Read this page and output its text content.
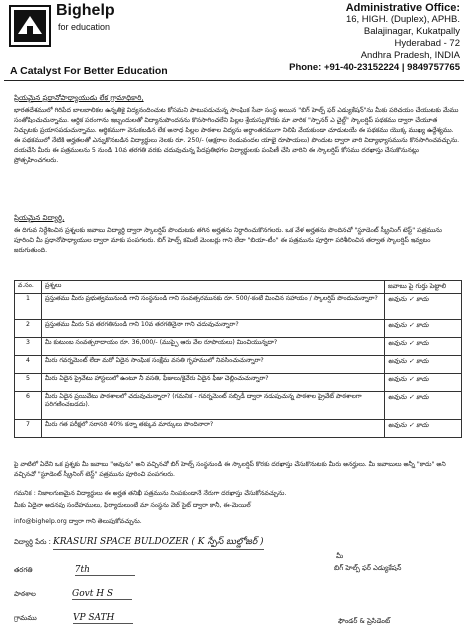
Bighelp
for education
A Catalyst For Better Education
Administrative Office:
16, HIGH. (Duplex), APHB.
Balajinagar, Kukatpally
Hyderabad - 72
Andhra Pradesh, INDIA
Phone: +91-40-23152224 | 9849757765
ప్రియమైన ప్రధానోపాధ్యాయుడు లేక గ్రామాధికారి,
భారతదేశములో గిరిపేద బాలబాలికల ఉన్నతికై విద్యనందించుట కోసమని పాటుపడుచున్న సాంఘిక సేవా సంస్థ అయిన "బిగ్ హెల్ప్ ఫర్ ఎడ్యుకేషన్"ను మీకు పరిచయం చేయుటకు మేము సంతోషించుచున్నాము. ఆర్థిక పరంగాను ఇబ్బందులతో విద్యానుపొందనను కొనసాగించలేని పిల్లల శ్రేయస్సుకొరకు మా వారిక "స్పానర్ ఎ చైల్డ్" స్కాలర్షిప్ పథకము ద్వారా చేయూత నిచ్చుటకు ప్రయాసపడుచున్నాము. ఆర్థికముగా వెనుకబడిన లేక అనాధ పిల్లల పాఠశాల విద్యను అర్ధాంతరముగా నిలిపి వేయకుండా చూడుటయే ఈ పథకము యొక్క ముఖ్య ఉద్దేశ్యము. ఈ పథకములో నేటికి అర్హతలతో ఎన్నుకొనబడిన విద్యార్థులు నెలకు రూ. 250/- (అక్షరాల రెండువందల యాభై రూపాయలు) పొందుట ద్వారా వారి విద్యాభ్యాసమును కొనసాగించవచ్చును. దయచేసి మీరు ఈ పత్రములను 5 నుండి 10వ తరగతి వరకు చదువుచున్న పేదప్రతిభగల విద్యార్థులకు పంపిణీ చేసి వారిని ఈ స్కాలర్షిప్ కోసము దరఖాస్తు చేసుకొనునట్లు ప్రోత్సహించగలరు.
ప్రియమైన విద్యార్థి,
ఈ దిగువ నిర్దేశించిన ప్రశ్నలకు జవాబు విద్యార్థి ద్వారా స్కాలర్షిప్ పొందుటకు తగిన అర్హతను నిర్ధారించుకొనగలరు. ఒక వేళ అర్హతను పొందినచో "స్టూడెంట్ స్క్రీనింగ్ టెస్ట్" పత్రమును పూరించి మీ ప్రధానోపాధ్యాయుల ద్వారా మాకు పంపగలరు. బిగ్ హెల్ప్ కమిటీ మెంబర్లు గాని లేదా "బియా-టీం" ఈ పత్రమును పూర్తిగా పరిశీలించిన తర్వాత స్కాలర్షిప్ ఇవ్వటం జరుగుతుంది.
వ.సం.	ప్రశ్నలు	జవాబు పై గుర్తు పెట్టాలి
1	ప్రస్తుతము మీరు ప్రభుత్వమునుండి గాని సంస్థనుండి గాని సంవత్సరమునకు రూ. 500/-కంటే మించిన సహాయం / స్కాలర్షిప్ పొందుచున్నారా?	అవును ✓ కాదు
2	ప్రస్తుతము మీరు 5వ తరగతినుండి గాని 10వ తరగతినైనా గాని చదువుచున్నారా?	అవును ✓ కాదు
3	మీ కుటుంబ సంవత్సరాదాయం రూ. 36,000/- (ముప్పై ఆరు వేల రూపాయలు) మించియున్నదా?	అవును ✓ కాదు
4	మీరు గవర్నమెంట్ లేదా మరో ఏదైన సాంఘిక సంక్షేమ వసతి గృహములో నివసించుచున్నారా?	అవును ✓ కాదు
5	మీరు ఏదైన ప్రైవేటు హాస్టలులో ఉంటూ నీ వసతి, ఫీజులు/కైవేరు ఏదైన ఫీజు చెల్లించుచున్నారా?	అవును ✓ కాదు
6	మీరు ఏదైన ప్రయివేటు పాఠశాలలో చదువుచున్నారా? (గమనిక - గవర్నమెంట్ సబ్సిడీ ద్వారా నడుపుచున్న పాఠశాల ప్రైవేట్ పాఠశాలగా పరిగణించబడదు).	అవును ✓ కాదు
7	మీరు గత పరీక్షలో సరాసరి 40% కన్నా తక్కువ మార్కులు పొందినారా?	అవును ✓ కాదు
పై వాటిలో ఏదేని ఒక ప్రశ్నకు మీ జవాబు "అవును" అని వచ్చినచో బిగ్ హెల్ప్ సంస్థనుండి ఈ స్కాలర్షిప్ కొరకు దరఖాస్తు చేసుకొనుటకు మీరు అనర్హులు. మీ జవాబులు అన్నీ "కాదు" అని వచ్చినచో "స్టూడెంట్ స్క్రీనింగ్ టెస్ట్" పత్రమును పూరించి పంపగలరు.
గమనిక : నిజాలగుణమైన విద్యార్థులు ఈ అర్హత తనిఖీ పత్రమును నింపకుండానే నేరుగా దరఖాస్తు చేసుకోనవచ్చును.
మీకు ఏదైనా అదనపు సందేహములు, ఫిర్యాదులుంటే మా సంస్థను వెబ్ సైట్ ద్వారా కానీ, ఈ-మెయిల్
info@bighelp.org ద్వారా గాని తెలుపుకోవచ్చును.
విద్యార్థి పేరు : KRASURI SPACE BULDOZER ( K స్పేస్ బుల్డోజర్ )
తరగతి	7th
పాఠశాల	Govt H S
గ్రామము	VP SATH
మీ
బిగ్ హెల్ప్ ఫర్ ఎడ్యుకేషన్
ఫౌండర్ & ప్రెసిడెంట్
